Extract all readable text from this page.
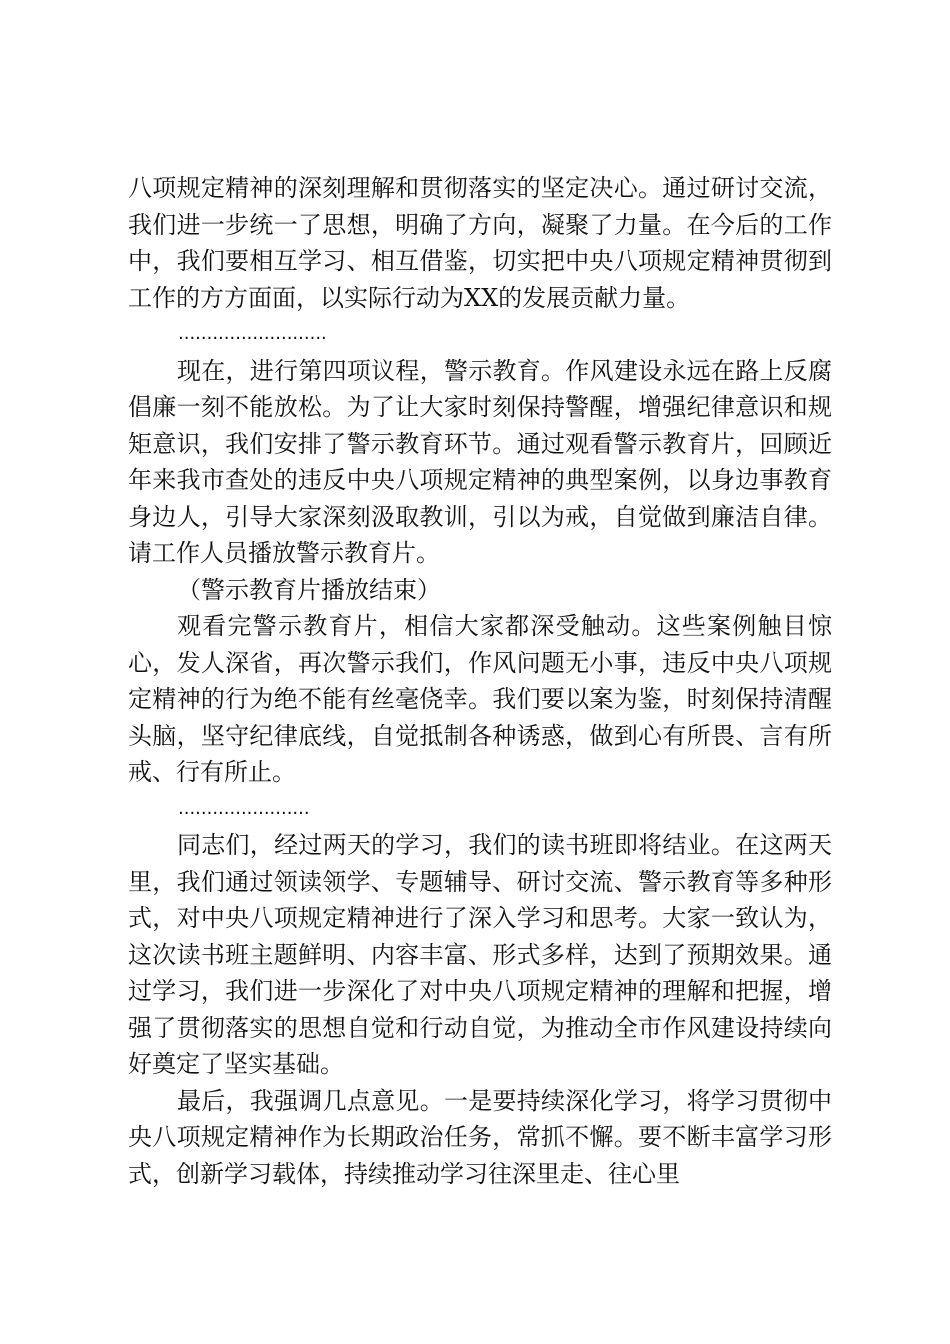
八项规定精神的深刻理解和贯彻落实的坚定决心。通过研讨交流，我们进一步统一了思想，明确了方向，凝聚了力量。在今后的工作中，我们要相互学习、相互借鉴，切实把中央八项规定精神贯彻到工作的方方面面，以实际行动为XX的发展贡献力量。

..........................

现在，进行第四项议程，警示教育。作风建设永远在路上反腐倡廉一刻不能放松。为了让大家时刻保持警醒，增强纪律意识和规矩意识，我们安排了警示教育环节。通过观看警示教育片，回顾近年来我市查处的违反中央八项规定精神的典型案例，以身边事教育身边人，引导大家深刻汲取教训，引以为戒，自觉做到廉洁自律。请工作人员播放警示教育片。

（警示教育片播放结束）

观看完警示教育片，相信大家都深受触动。这些案例触目惊心，发人深省，再次警示我们，作风问题无小事，违反中央八项规定精神的行为绝不能有丝毫侥幸。我们要以案为鉴，时刻保持清醒头脑，坚守纪律底线，自觉抵制各种诱惑，做到心有所畏、言有所戒、行有所止。

.......................

同志们，经过两天的学习，我们的读书班即将结业。在这两天里，我们通过领读领学、专题辅导、研讨交流、警示教育等多种形式，对中央八项规定精神进行了深入学习和思考。大家一致认为，这次读书班主题鲜明、内容丰富、形式多样，达到了预期效果。通过学习，我们进一步深化了对中央八项规定精神的理解和把握，增强了贯彻落实的思想自觉和行动自觉，为推动全市作风建设持续向好奠定了坚实基础。

最后，我强调几点意见。一是要持续深化学习，将学习贯彻中央八项规定精神作为长期政治任务，常抓不懈。要不断丰富学习形式，创新学习载体，持续推动学习往深里走、往心里
